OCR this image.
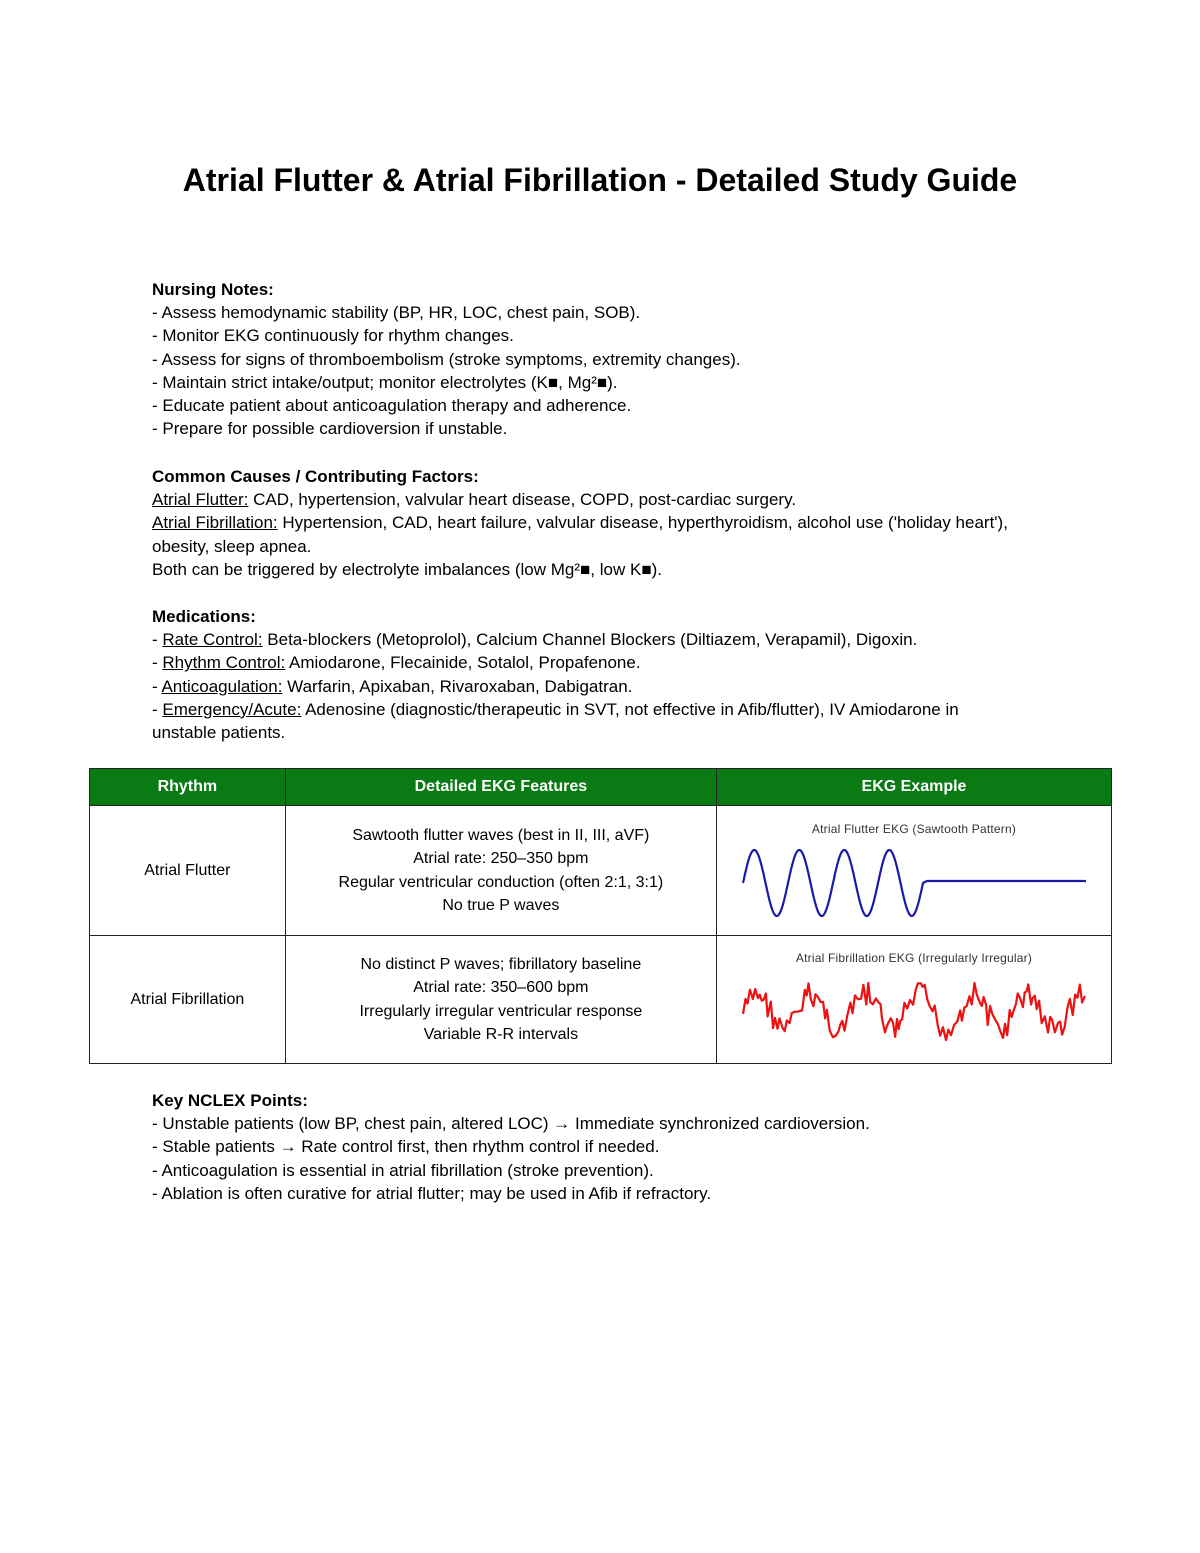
Atrial Flutter & Atrial Fibrillation - Detailed Study Guide
Nursing Notes:
- Assess hemodynamic stability (BP, HR, LOC, chest pain, SOB).
- Monitor EKG continuously for rhythm changes.
- Assess for signs of thromboembolism (stroke symptoms, extremity changes).
- Maintain strict intake/output; monitor electrolytes (K■, Mg²■).
- Educate patient about anticoagulation therapy and adherence.
- Prepare for possible cardioversion if unstable.
Common Causes / Contributing Factors:
Atrial Flutter: CAD, hypertension, valvular heart disease, COPD, post-cardiac surgery.
Atrial Fibrillation: Hypertension, CAD, heart failure, valvular disease, hyperthyroidism, alcohol use ('holiday heart'), obesity, sleep apnea.
Both can be triggered by electrolyte imbalances (low Mg²■, low K■).
Medications:
- Rate Control: Beta-blockers (Metoprolol), Calcium Channel Blockers (Diltiazem, Verapamil), Digoxin.
- Rhythm Control: Amiodarone, Flecainide, Sotalol, Propafenone.
- Anticoagulation: Warfarin, Apixaban, Rivaroxaban, Dabigatran.
- Emergency/Acute: Adenosine (diagnostic/therapeutic in SVT, not effective in Afib/flutter), IV Amiodarone in unstable patients.
Rhythm	Detailed EKG Features	EKG Example
Atrial Flutter	Sawtooth flutter waves (best in II, III, aVF)
Atrial rate: 250–350 bpm
Regular ventricular conduction (often 2:1, 3:1)
No true P waves	Atrial Flutter EKG (Sawtooth Pattern)

Atrial Fibrillation	No distinct P waves; fibrillatory baseline
Atrial rate: 350–600 bpm
Irregularly irregular ventricular response
Variable R-R intervals	Atrial Fibrillation EKG (Irregularly Irregular)
Key NCLEX Points:
- Unstable patients (low BP, chest pain, altered LOC) → Immediate synchronized cardioversion.
- Stable patients → Rate control first, then rhythm control if needed.
- Anticoagulation is essential in atrial fibrillation (stroke prevention).
- Ablation is often curative for atrial flutter; may be used in Afib if refractory.
